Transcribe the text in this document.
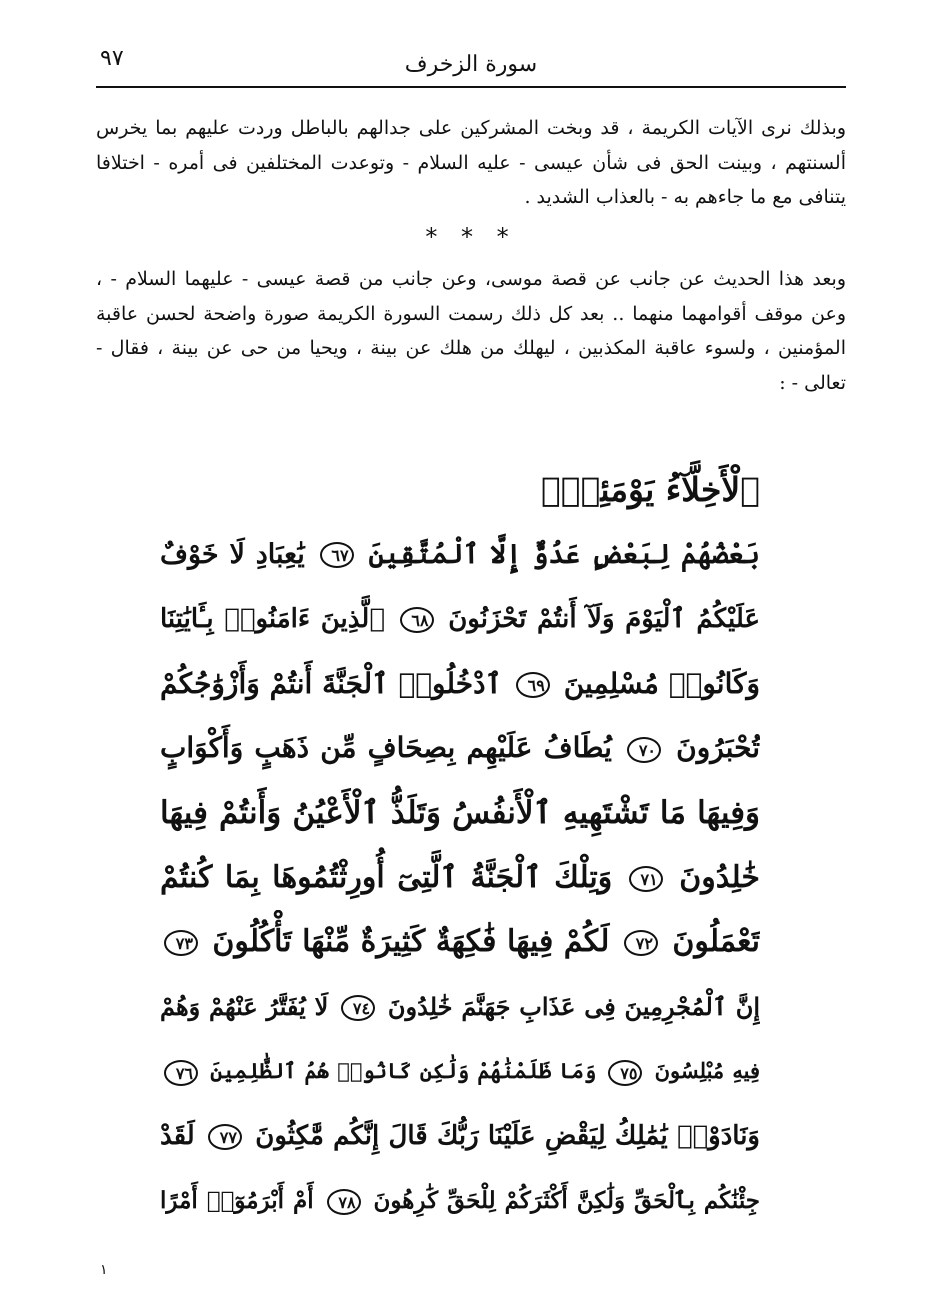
٩٧	سورة الزخرف

وبذلك نرى الآيات الكريمة ، قد وبخت المشركين على جدالهم بالباطل وردت عليهم بما يخرس ألسنتهم ، وبينت الحق فى شأن عيسى - عليه السلام - وتوعدت المختلفين فى أمره - اختلافا يتنافى مع ما جاءهم به - بالعذاب الشديد .

* * *

وبعد هذا الحديث عن جانب عن قصة موسى، وعن جانب من قصة عيسى - عليهما السلام - ، وعن موقف أقوامهما منهما .. بعد كل ذلك رسمت السورة الكريمة صورة واضحة لحسن عاقبة المؤمنين ، ولسوء عاقبة المكذبين ، ليهلك من هلك عن بينة ، ويحيا من حى عن بينة ، فقال - تعالى - :

ٱلْأَخِلَّآءُ يَوْمَئِذٍۭ
بَعْضُهُمْ لِبَعْضٍ عَدُوٌّ إِلَّا ٱلْمُتَّقِينَ ٦٧ يَٰعِبَادِ لَا خَوْفٌ
عَلَيْكُمُ ٱلْيَوْمَ وَلَآ أَنتُمْ تَحْزَنُونَ ٦٨ ٱلَّذِينَ ءَامَنُوا۟ بِـَٔايَٰتِنَا
وَكَانُوا۟ مُسْلِمِينَ ٦٩ ٱدْخُلُوا۟ ٱلْجَنَّةَ أَنتُمْ وَأَزْوَٰجُكُمْ
تُحْبَرُونَ ٧٠ يُطَافُ عَلَيْهِم بِصِحَافٍ مِّن ذَهَبٍ وَأَكْوَابٍ
وَفِيهَا مَا تَشْتَهِيهِ ٱلْأَنفُسُ وَتَلَذُّ ٱلْأَعْيُنُ وَأَنتُمْ فِيهَا
خَٰلِدُونَ ٧١ وَتِلْكَ ٱلْجَنَّةُ ٱلَّتِىٓ أُورِثْتُمُوهَا بِمَا كُنتُمْ
تَعْمَلُونَ ٧٢ لَكُمْ فِيهَا فَٰكِهَةٌ كَثِيرَةٌ مِّنْهَا تَأْكُلُونَ ٧٣
إِنَّ ٱلْمُجْرِمِينَ فِى عَذَابِ جَهَنَّمَ خَٰلِدُونَ ٧٤ لَا يُفَتَّرُ عَنْهُمْ وَهُمْ
فِيهِ مُبْلِسُونَ ٧٥ وَمَا ظَلَمْنَٰهُمْ وَلَٰكِن كَانُوا۟ هُمُ ٱلظَّٰلِمِينَ ٧٦
وَنَادَوْا۟ يَٰمَٰلِكُ لِيَقْضِ عَلَيْنَا رَبُّكَ قَالَ إِنَّكُم مَّٰكِثُونَ ٧٧ لَقَدْ
جِئْنَٰكُم بِٱلْحَقِّ وَلَٰكِنَّ أَكْثَرَكُمْ لِلْحَقِّ كَٰرِهُونَ ٧٨ أَمْ أَبْرَمُوٓا۟ أَمْرًا
١
